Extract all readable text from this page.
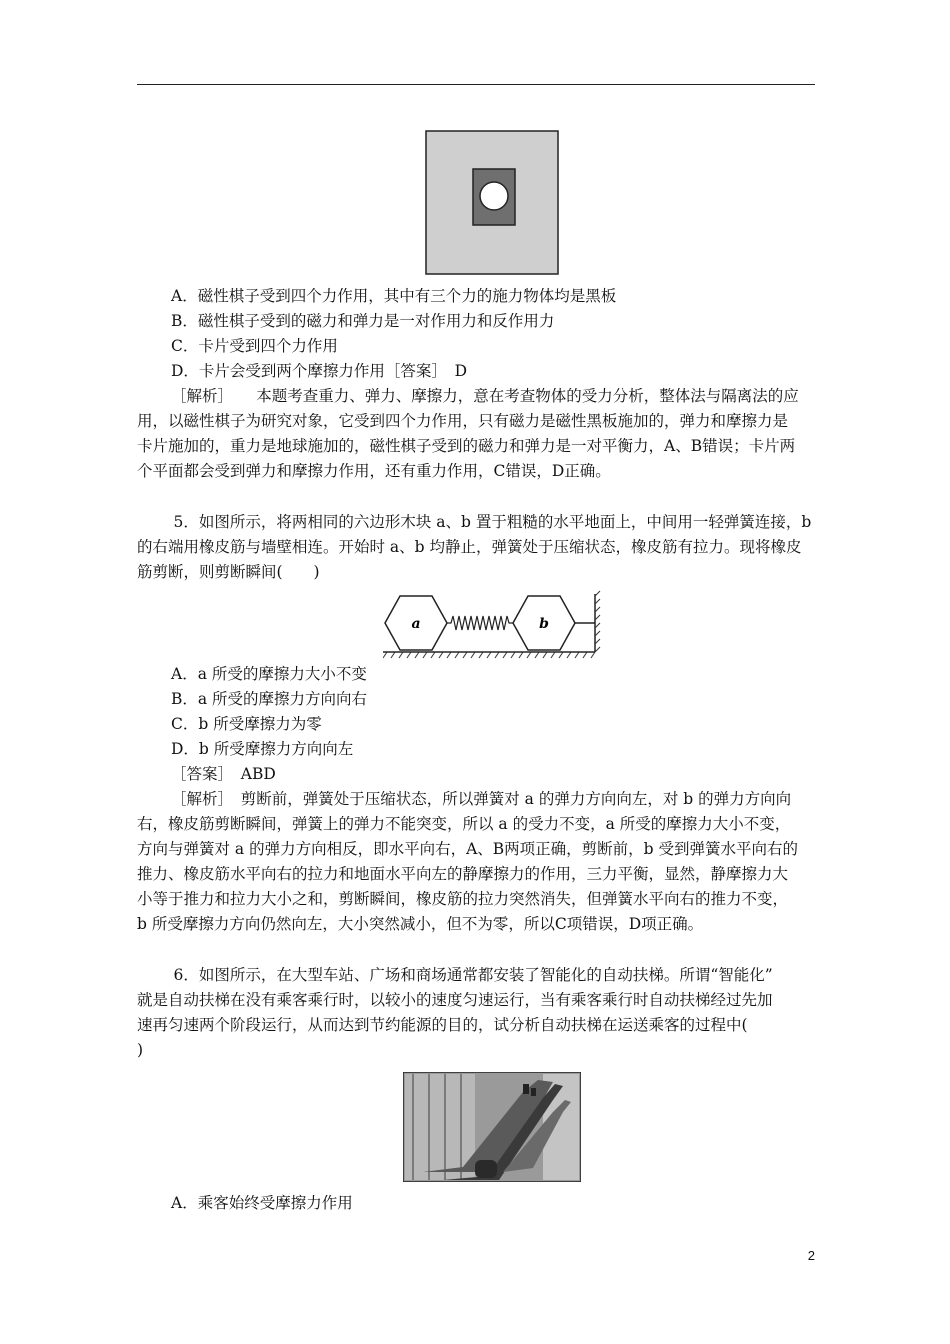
A．磁性棋子受到四个力作用，其中有三个力的施力物体均是黑板
B．磁性棋子受到的磁力和弹力是一对作用力和反作用力
C．卡片受到四个力作用
D．卡片会受到两个摩擦力作用［答案］　D
［解析］　　本题考查重力、弹力、摩擦力，意在考查物体的受力分析，整体法与隔离法的应
用，以磁性棋子为研究对象，它受到四个力作用，只有磁力是磁性黑板施加的，弹力和摩擦力是
卡片施加的，重力是地球施加的，磁性棋子受到的磁力和弹力是一对平衡力，A、B错误；卡片两
个平面都会受到弹力和摩擦力作用，还有重力作用，C错误，D正确。
　5．如图所示，将两相同的六边形木块 a、b 置于粗糙的水平地面上，中间用一轻弹簧连接，b
的右端用橡皮筋与墙壁相连。开始时 a、b 均静止，弹簧处于压缩状态，橡皮筋有拉力。现将橡皮
筋剪断，则剪断瞬间(　　)
a	b
A．a 所受的摩擦力大小不变
B．a 所受的摩擦力方向向右
C．b 所受摩擦力为零
D．b 所受摩擦力方向向左
［答案］　ABD
［解析］　剪断前，弹簧处于压缩状态，所以弹簧对 a 的弹力方向向左，对 b 的弹力方向向
右，橡皮筋剪断瞬间，弹簧上的弹力不能突变，所以 a 的受力不变，a 所受的摩擦力大小不变，
方向与弹簧对 a 的弹力方向相反，即水平向右，A、B两项正确，剪断前，b 受到弹簧水平向右的
推力、橡皮筋水平向右的拉力和地面水平向左的静摩擦力的作用，三力平衡，显然，静摩擦力大
小等于推力和拉力大小之和，剪断瞬间，橡皮筋的拉力突然消失，但弹簧水平向右的推力不变，
b 所受摩擦力方向仍然向左，大小突然减小，但不为零，所以C项错误，D项正确。
　6．如图所示，在大型车站、广场和商场通常都安装了智能化的自动扶梯。所谓“智能化”
就是自动扶梯在没有乘客乘行时，以较小的速度匀速运行，当有乘客乘行时自动扶梯经过先加
速再匀速两个阶段运行，从而达到节约能源的目的，试分析自动扶梯在运送乘客的过程中(
)
A．乘客始终受摩擦力作用
2
